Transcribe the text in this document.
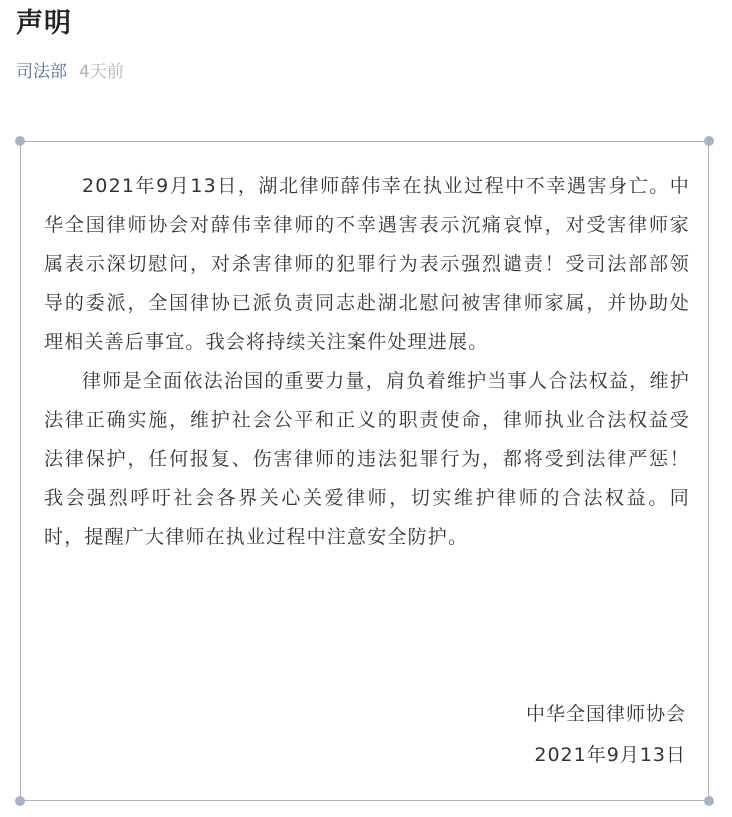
声明
司法部 4天前

2021年9月13日，湖北律师薛伟幸在执业过程中不幸遇害身亡。中华全国律师协会对薛伟幸律师的不幸遇害表示沉痛哀悼，对受害律师家属表示深切慰问，对杀害律师的犯罪行为表示强烈谴责！受司法部部领导的委派，全国律协已派负责同志赴湖北慰问被害律师家属，并协助处理相关善后事宜。我会将持续关注案件处理进展。

律师是全面依法治国的重要力量，肩负着维护当事人合法权益，维护法律正确实施，维护社会公平和正义的职责使命，律师执业合法权益受法律保护，任何报复、伤害律师的违法犯罪行为，都将受到法律严惩！我会强烈呼吁社会各界关心关爱律师，切实维护律师的合法权益。同时，提醒广大律师在执业过程中注意安全防护。

中华全国律师协会
2021年9月13日
